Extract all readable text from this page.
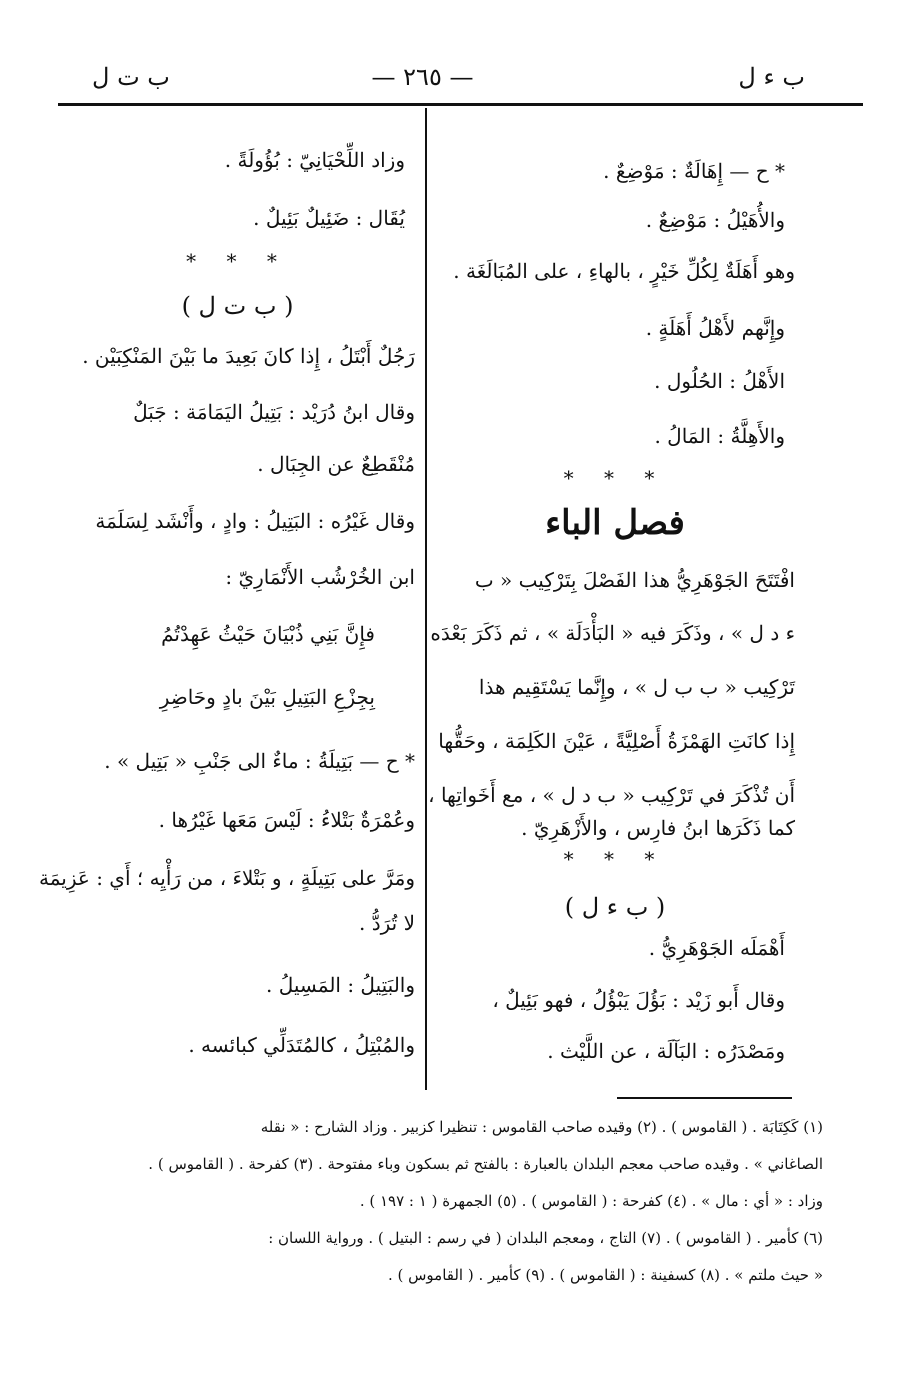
ب ء ل
— ٢٦٥ —
ب ت ل
* ح — إِهَالَةٌ : مَوْضِعٌ .
والأُهَيْلُ : مَوْضِعٌ .
وهو أَهَلَةٌ لِكُلِّ خَيْرٍ ، بالهاءِ ، على المُبَالَغَة .
وإِنَّهم لأَهْلُ أَهَلَةٍ .
الأَهْلُ : الحُلُول .
والأَهِلَّةُ : المَالُ .
* * *
فصل الباء
افْتَتَحَ الجَوْهَرِيُّ هذا الفَصْلَ بِتَرْكِيب « ب
ء د ل » ، وذَكَرَ فيه « البَأْدَلَة » ، ثم ذَكَرَ بَعْدَه
تَرْكِيب « ب ب ل » ، وإِنَّما يَسْتَقِيم هذا
إِذا كانَتِ الهَمْزَةُ أَصْلِيَّةً ، عَيْنَ الكَلِمَة ، وحَقُّها
أَن تُذْكَرَ في تَرْكِيب « ب د ل » ، مع أَخَواتِها ،
كما ذَكَرَها ابنُ فارِس ، والأَزْهَرِيّ .
* * *
( ب ء ل )
أَهْمَلَه الجَوْهَرِيُّ .
وقال أَبو زَيْد : بَؤُلَ يَبْؤُلُ ، فهو بَئِيلٌ ،
ومَصْدَرُه : البَآلَة ، عن اللَّيْث .
وزاد اللِّحْيَانِيّ : بُؤُولَةً .
يُقَال : ضَئِيلٌ بَئِيلٌ .
* * *
( ب ت ل )
رَجُلٌ أَبْتَلُ ، إِذا كانَ بَعِيدَ ما بَيْنَ المَنْكِبَيْن .
وقال ابنُ دُرَيْد : بَتِيلُ اليَمَامَة : جَبَلٌ
مُنْقَطِعٌ عن الجِبَال .
وقال غَيْرُه : البَتِيلُ : وادٍ ، وأَنْشَد لِسَلَمَة
ابن الخُرْشُب الأَنْمَارِيّ :
فإِنَّ بَنِي ذُبْيَانَ حَيْثُ عَهِدْتُمُ
بِجِزْعِ البَتِيلِ بَيْنَ بادٍ وحَاضِرِ
* ح — بَتِيلَةُ : ماءٌ الى جَنْبِ « بَتِيل » .
وعُمْرَةٌ بَتْلاءُ : لَيْسَ مَعَها غَيْرُها .
ومَرَّ على بَتِيلَةٍ ، و بَتْلاءَ ، من رَأْيِه ؛ أَي : عَزِيمَة
لا تُرَدُّ .
والبَتِيلُ : المَسِيلُ .
والمُبْتِلُ ، كالمُتَدَلِّي كبائسه .
(١) كَكِتَابَة . ( القاموس ) . (٢) وقيده صاحب القاموس : تنظيرا كزبير . وزاد الشارح : « نقله
الصاغاني » . وقيده صاحب معجم البلدان بالعبارة : بالفتح ثم بسكون وباء مفتوحة . (٣) كفرحة . ( القاموس ) .
وزاد : « أي : مال » . (٤) كفرحة : ( القاموس ) . (٥) الجمهرة ( ١ : ١٩٧ ) .
(٦) كأمير . ( القاموس ) . (٧) التاج ، ومعجم البلدان ( في رسم : البتيل ) . ورواية اللسان :
« حيث ملتم » . (٨) كسفينة : ( القاموس ) . (٩) كأمير . ( القاموس ) .
